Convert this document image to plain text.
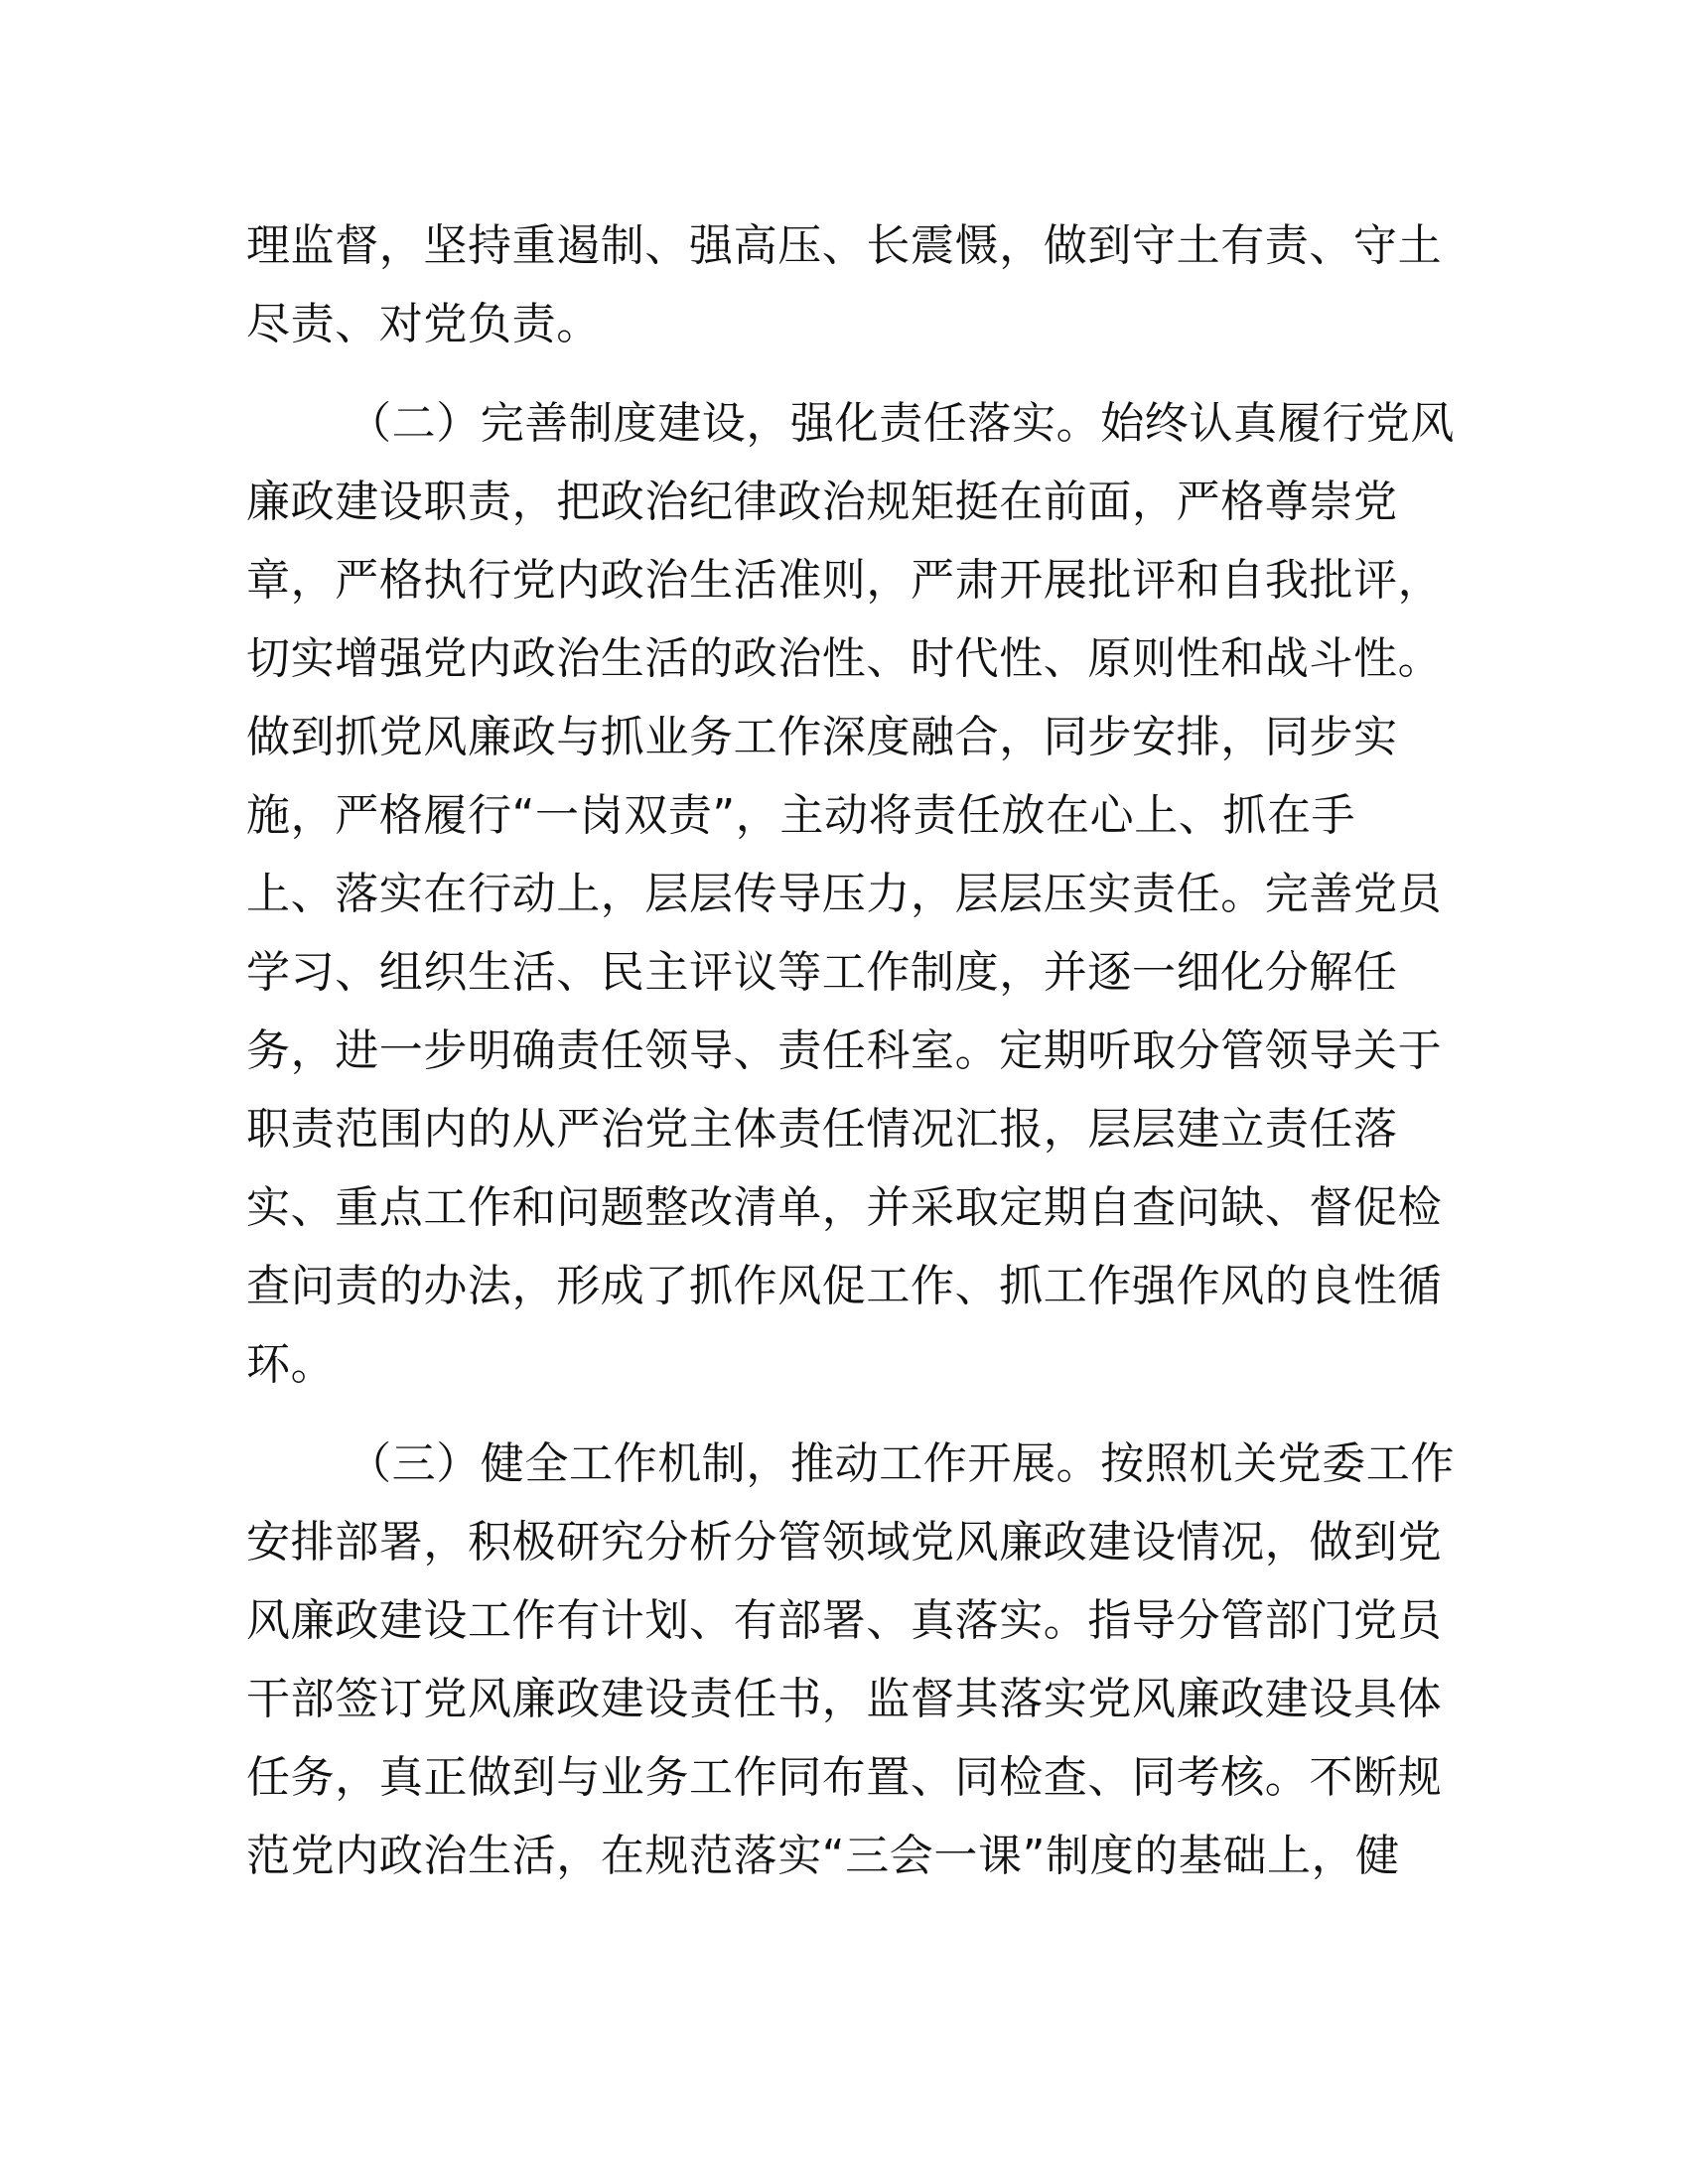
理监督，坚持重遏制、强高压、长震慑，做到守土有责、守土
尽责、对党负责。
（二）完善制度建设，强化责任落实。始终认真履行党风
廉政建设职责，把政治纪律政治规矩挺在前面，严格尊崇党
章，严格执行党内政治生活准则，严肃开展批评和自我批评，
切实增强党内政治生活的政治性、时代性、原则性和战斗性。
做到抓党风廉政与抓业务工作深度融合，同步安排，同步实
施，严格履行“一岗双责”，主动将责任放在心上、抓在手
上、落实在行动上，层层传导压力，层层压实责任。完善党员
学习、组织生活、民主评议等工作制度，并逐一细化分解任
务，进一步明确责任领导、责任科室。定期听取分管领导关于
职责范围内的从严治党主体责任情况汇报，层层建立责任落
实、重点工作和问题整改清单，并采取定期自查问缺、督促检
查问责的办法，形成了抓作风促工作、抓工作强作风的良性循
环。
（三）健全工作机制，推动工作开展。按照机关党委工作
安排部署，积极研究分析分管领域党风廉政建设情况，做到党
风廉政建设工作有计划、有部署、真落实。指导分管部门党员
干部签订党风廉政建设责任书，监督其落实党风廉政建设具体
任务，真正做到与业务工作同布置、同检查、同考核。不断规
范党内政治生活，在规范落实“三会一课”制度的基础上，健
